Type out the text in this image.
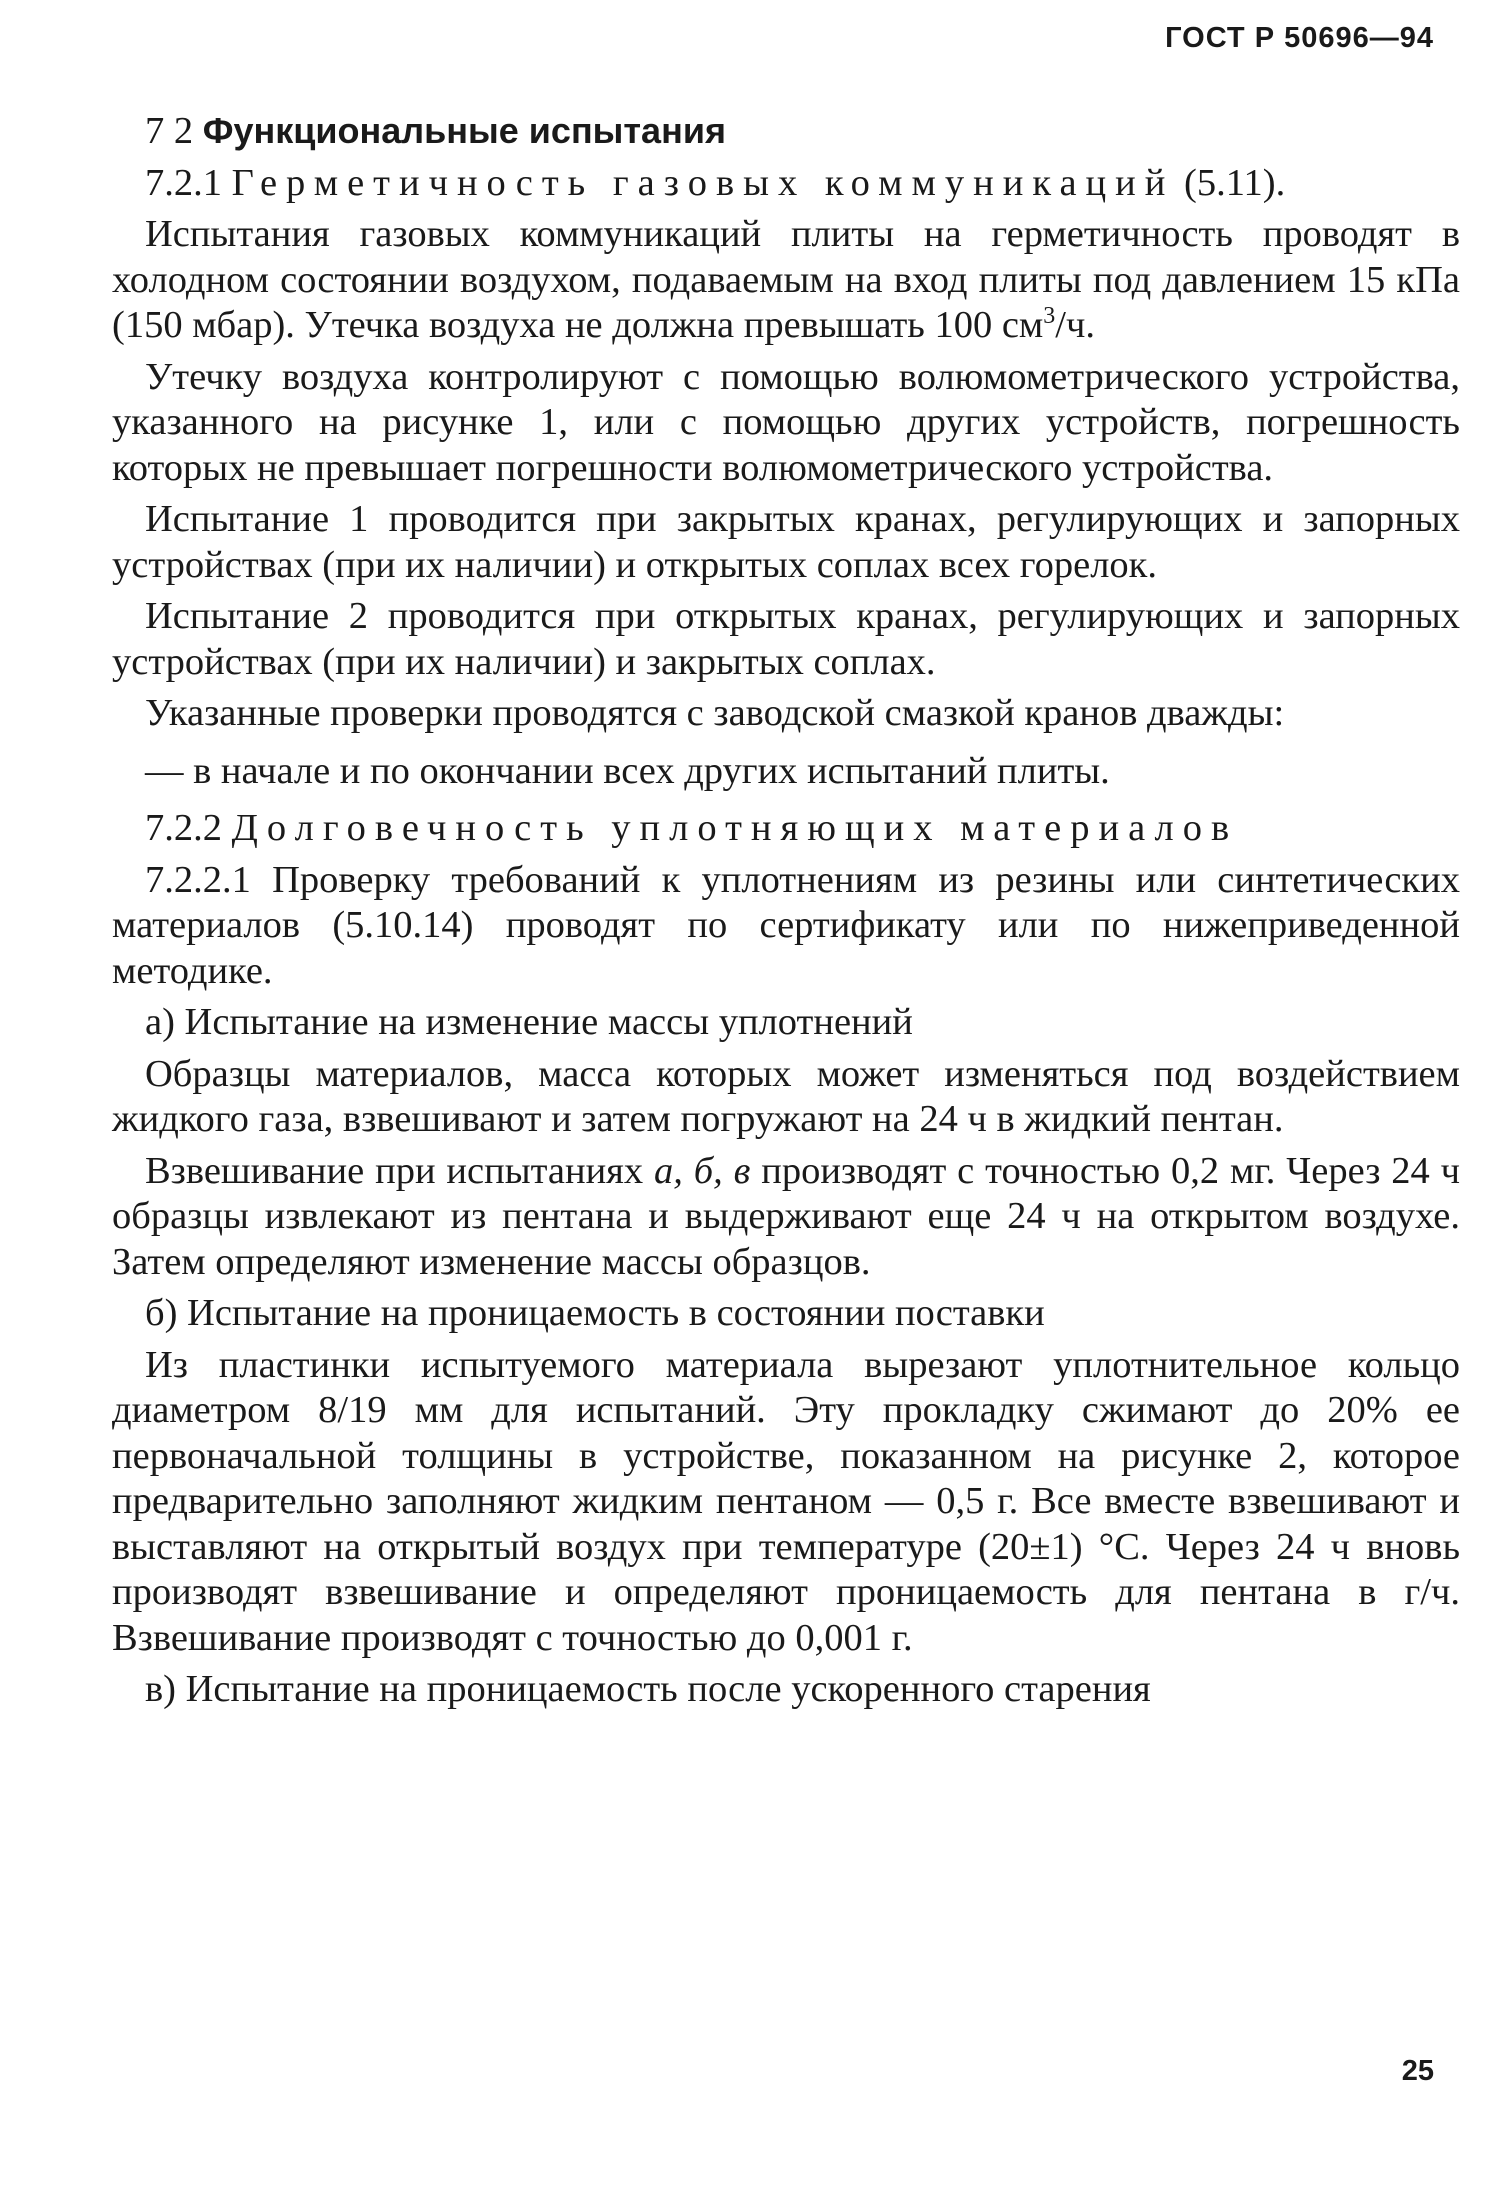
ГОСТ Р 50696—94

7 2 Функциональные испытания

7.2.1 Герметичность газовых коммуникаций (5.11).

Испытания газовых коммуникаций плиты на герметичность проводят в холодном состоянии воздухом, подаваемым на вход плиты под давлением 15 кПа (150 мбар). Утечка воздуха не должна превышать 100 $см^3/ч$.

Утечку воздуха контролируют с помощью волюмометрического устройства, указанного на рисунке 1, или с помощью других устройств, погрешность которых не превышает погрешности волюмометрического устройства.

Испытание 1 проводится при закрытых кранах, регулирующих и запорных устройствах (при их наличии) и открытых соплах всех горелок.

Испытание 2 проводится при открытых кранах, регулирующих и запорных устройствах (при их наличии) и закрытых соплах.

Указанные проверки проводятся с заводской смазкой кранов дважды:

— в начале и по окончании всех других испытаний плиты.

7.2.2 Долговечность уплотняющих материалов

7.2.2.1 Проверку требований к уплотнениям из резины или синтетических материалов (5.10.14) проводят по сертификату или по нижеприведенной методике.

а) Испытание на изменение массы уплотнений

Образцы материалов, масса которых может изменяться под воздействием жидкого газа, взвешивают и затем погружают на 24 ч в жидкий пентан.

Взвешивание при испытаниях а, б, в производят с точностью 0,2 мг. Через 24 ч образцы извлекают из пентана и выдерживают еще 24 ч на открытом воздухе. Затем определяют изменение массы образцов.

б) Испытание на проницаемость в состоянии поставки

Из пластинки испытуемого материала вырезают уплотнительное кольцо диаметром 8/19 мм для испытаний. Эту прокладку сжимают до 20% ее первоначальной толщины в устройстве, показанном на рисунке 2, которое предварительно заполняют жидким пентаном — 0,5 г. Все вместе взвешивают и выставляют на открытый воздух при температуре (20±1) °С. Через 24 ч вновь производят взвешивание и определяют проницаемость для пентана в г/ч. Взвешивание производят с точностью до 0,001 г.

в) Испытание на проницаемость после ускоренного старения

25
